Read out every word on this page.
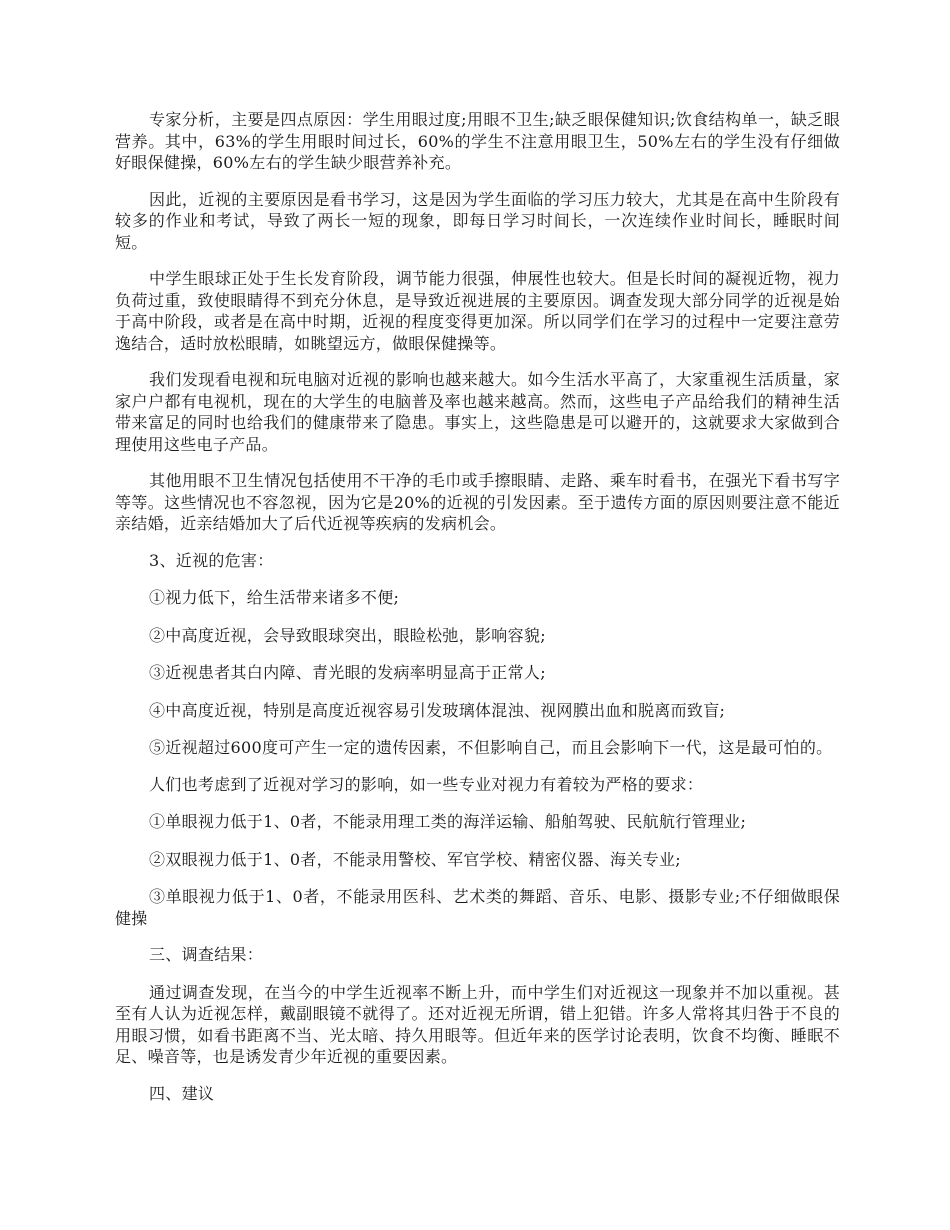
专家分析，主要是四点原因：学生用眼过度;用眼不卫生;缺乏眼保健知识;饮食结构单一，缺乏眼营养。其中，63%的学生用眼时间过长，60%的学生不注意用眼卫生，50%左右的学生没有仔细做好眼保健操，60%左右的学生缺少眼营养补充。

因此，近视的主要原因是看书学习，这是因为学生面临的学习压力较大，尤其是在高中生阶段有较多的作业和考试，导致了两长一短的现象，即每日学习时间长，一次连续作业时间长，睡眠时间短。

中学生眼球正处于生长发育阶段，调节能力很强，伸展性也较大。但是长时间的凝视近物，视力负荷过重，致使眼睛得不到充分休息，是导致近视进展的主要原因。调查发现大部分同学的近视是始于高中阶段，或者是在高中时期，近视的程度变得更加深。所以同学们在学习的过程中一定要注意劳逸结合，适时放松眼睛，如眺望远方，做眼保健操等。

我们发现看电视和玩电脑对近视的影响也越来越大。如今生活水平高了，大家重视生活质量，家家户户都有电视机，现在的大学生的电脑普及率也越来越高。然而，这些电子产品给我们的精神生活带来富足的同时也给我们的健康带来了隐患。事实上，这些隐患是可以避开的，这就要求大家做到合理使用这些电子产品。

其他用眼不卫生情况包括使用不干净的毛巾或手擦眼睛、走路、乘车时看书，在强光下看书写字等等。这些情况也不容忽视，因为它是20%的近视的引发因素。至于遗传方面的原因则要注意不能近亲结婚，近亲结婚加大了后代近视等疾病的发病机会。

3、近视的危害：

①视力低下，给生活带来诸多不便;

②中高度近视，会导致眼球突出，眼睑松弛，影响容貌;

③近视患者其白内障、青光眼的发病率明显高于正常人;

④中高度近视，特别是高度近视容易引发玻璃体混浊、视网膜出血和脱离而致盲;

⑤近视超过600度可产生一定的遗传因素，不但影响自己，而且会影响下一代，这是最可怕的。

人们也考虑到了近视对学习的影响，如一些专业对视力有着较为严格的要求：

①单眼视力低于1、0者，不能录用理工类的海洋运输、船舶驾驶、民航航行管理业;

②双眼视力低于1、0者，不能录用警校、军官学校、精密仪器、海关专业;

③单眼视力低于1、0者，不能录用医科、艺术类的舞蹈、音乐、电影、摄影专业;不仔细做眼保健操

三、调查结果：

通过调查发现，在当今的中学生近视率不断上升，而中学生们对近视这一现象并不加以重视。甚至有人认为近视怎样，戴副眼镜不就得了。还对近视无所谓，错上犯错。许多人常将其归咎于不良的用眼习惯，如看书距离不当、光太暗、持久用眼等。但近年来的医学讨论表明，饮食不均衡、睡眠不足、噪音等，也是诱发青少年近视的重要因素。

四、建议
